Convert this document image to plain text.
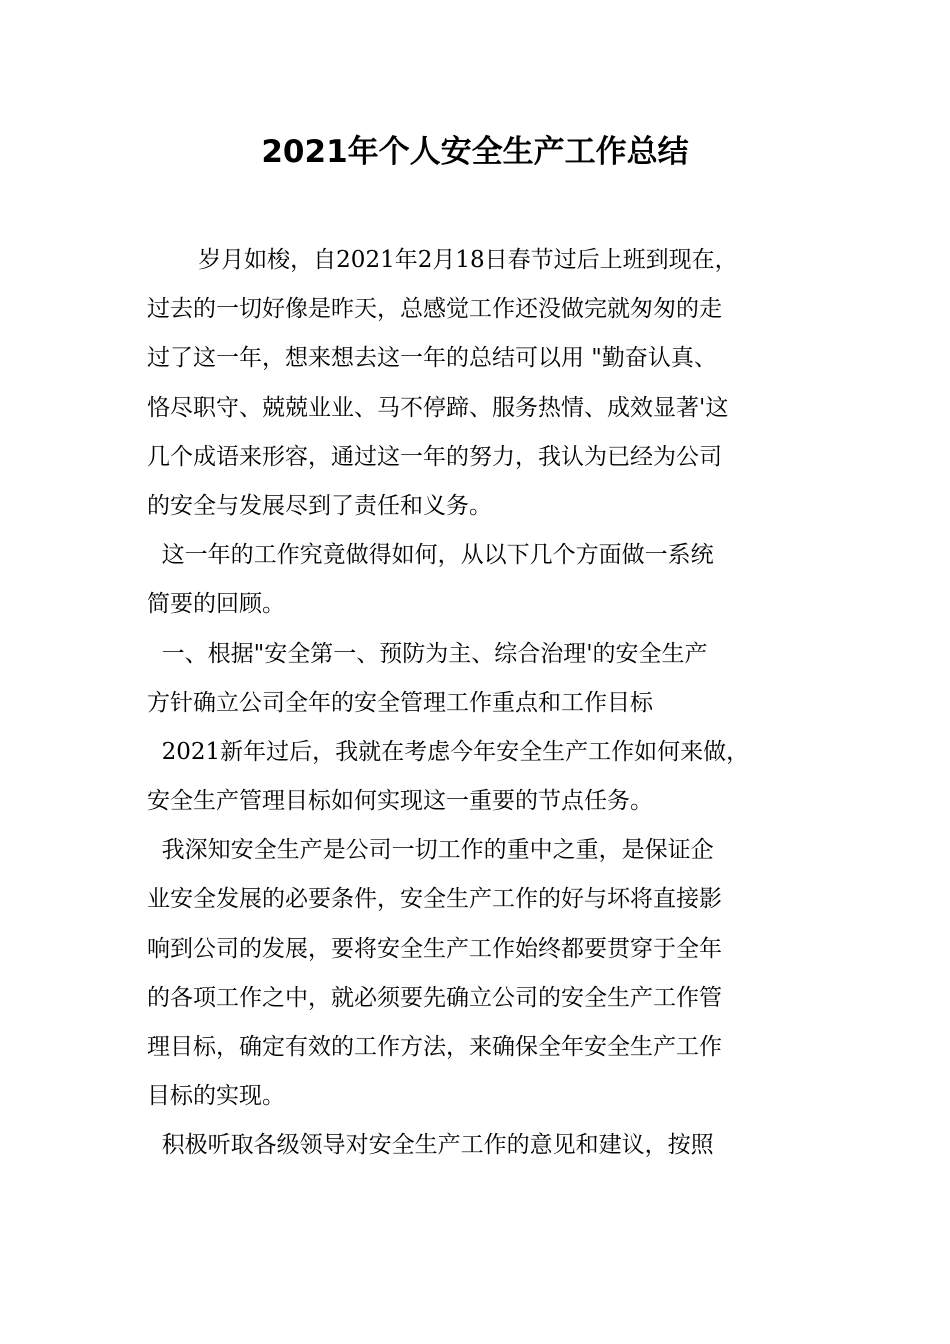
2021年个人安全生产工作总结
岁月如梭，自2021年2月18日春节过后上班到现在，
过去的一切好像是昨天，总感觉工作还没做完就匆匆的走
过了这一年，想来想去这一年的总结可以用 "勤奋认真、
恪尽职守、兢兢业业、马不停蹄、服务热情、成效显著'这
几个成语来形容，通过这一年的努力，我认为已经为公司
的安全与发展尽到了责任和义务。
这一年的工作究竟做得如何，从以下几个方面做一系统
简要的回顾。
一、根据"安全第一、预防为主、综合治理'的安全生产
方针确立公司全年的安全管理工作重点和工作目标
2021新年过后，我就在考虑今年安全生产工作如何来做，
安全生产管理目标如何实现这一重要的节点任务。
我深知安全生产是公司一切工作的重中之重，是保证企
业安全发展的必要条件，安全生产工作的好与坏将直接影
响到公司的发展，要将安全生产工作始终都要贯穿于全年
的各项工作之中，就必须要先确立公司的安全生产工作管
理目标，确定有效的工作方法，来确保全年安全生产工作
目标的实现。
积极听取各级领导对安全生产工作的意见和建议，按照
